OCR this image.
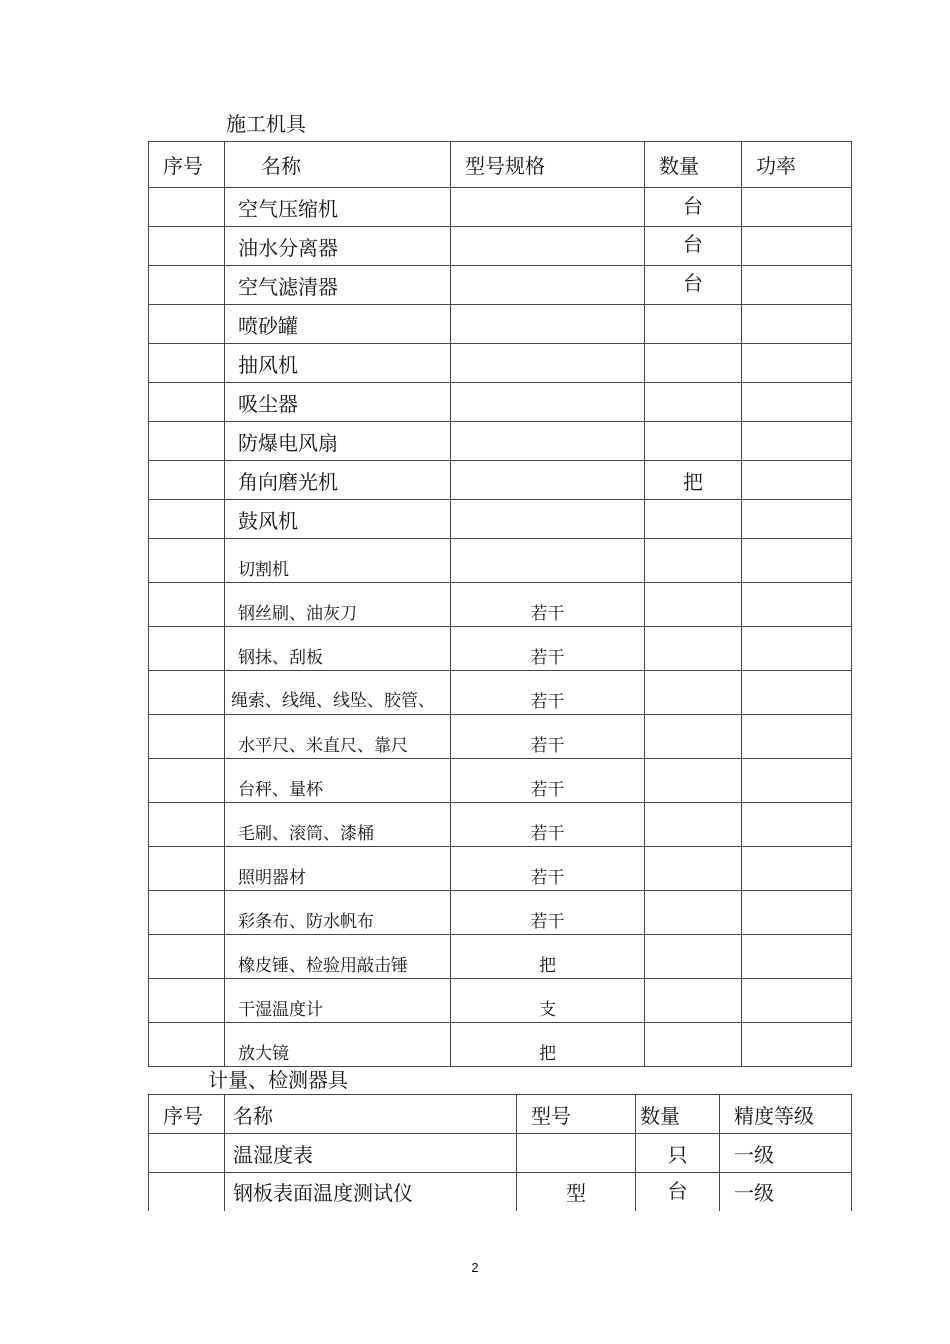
施工机具
序号	名称	型号规格	数量	功率
	空气压缩机		台	
	油水分离器		台	
	空气滤清器		台	
	喷砂罐			
	抽风机			
	吸尘器			
	防爆电风扇			
	角向磨光机		把	
	鼓风机			
	切割机			
	钢丝刷、油灰刀	若干		
	钢抹、刮板	若干		
	绳索、线绳、线坠、胶管、	若干		
	水平尺、米直尺、靠尺	若干		
	台秤、量杯	若干		
	毛刷、滚筒、漆桶	若干		
	照明器材	若干		
	彩条布、防水帆布	若干		
	橡皮锤、检验用敲击锤	把		
	干湿温度计	支		
	放大镜	把		
计量、检测器具
序号	名称	型号	数量	精度等级
	温湿度表		只	一级
	钢板表面温度测试仪	型	台	一级
2
